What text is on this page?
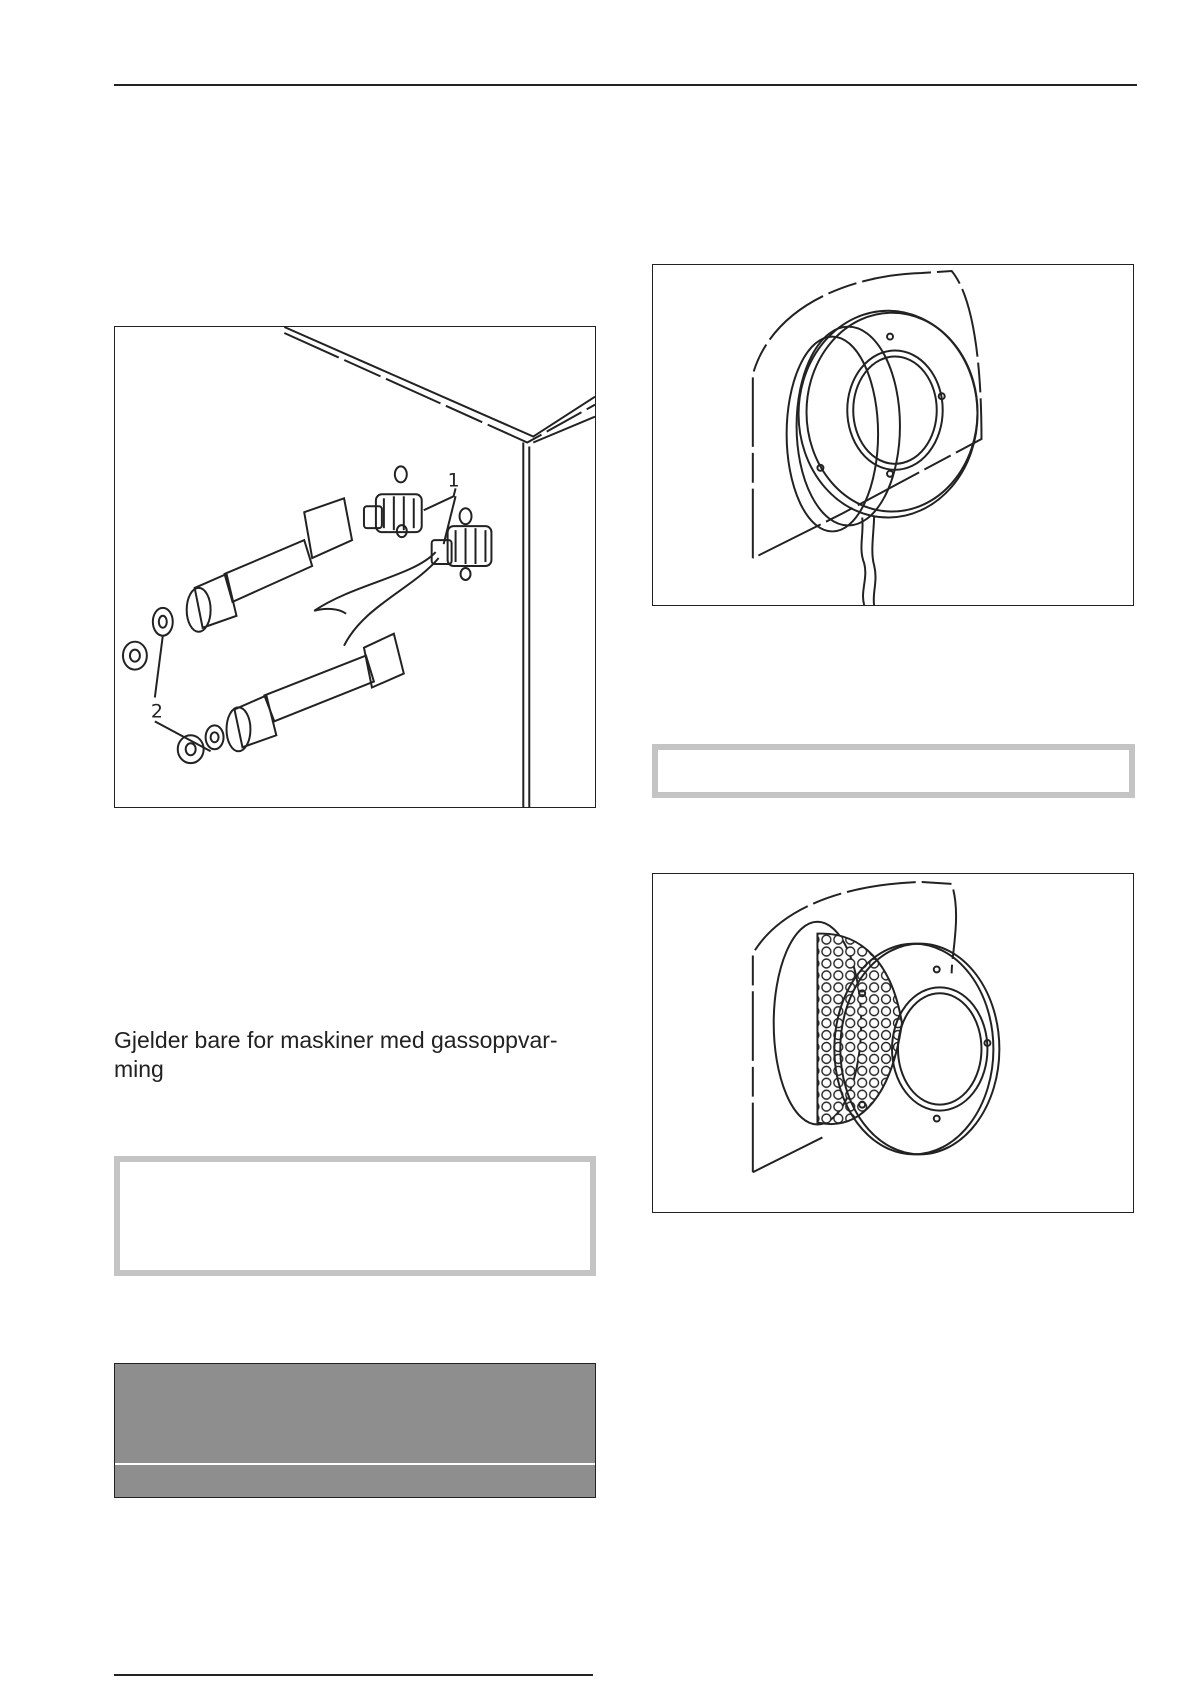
1
2
Gjelder bare for maskiner med gassoppvar-
ming
